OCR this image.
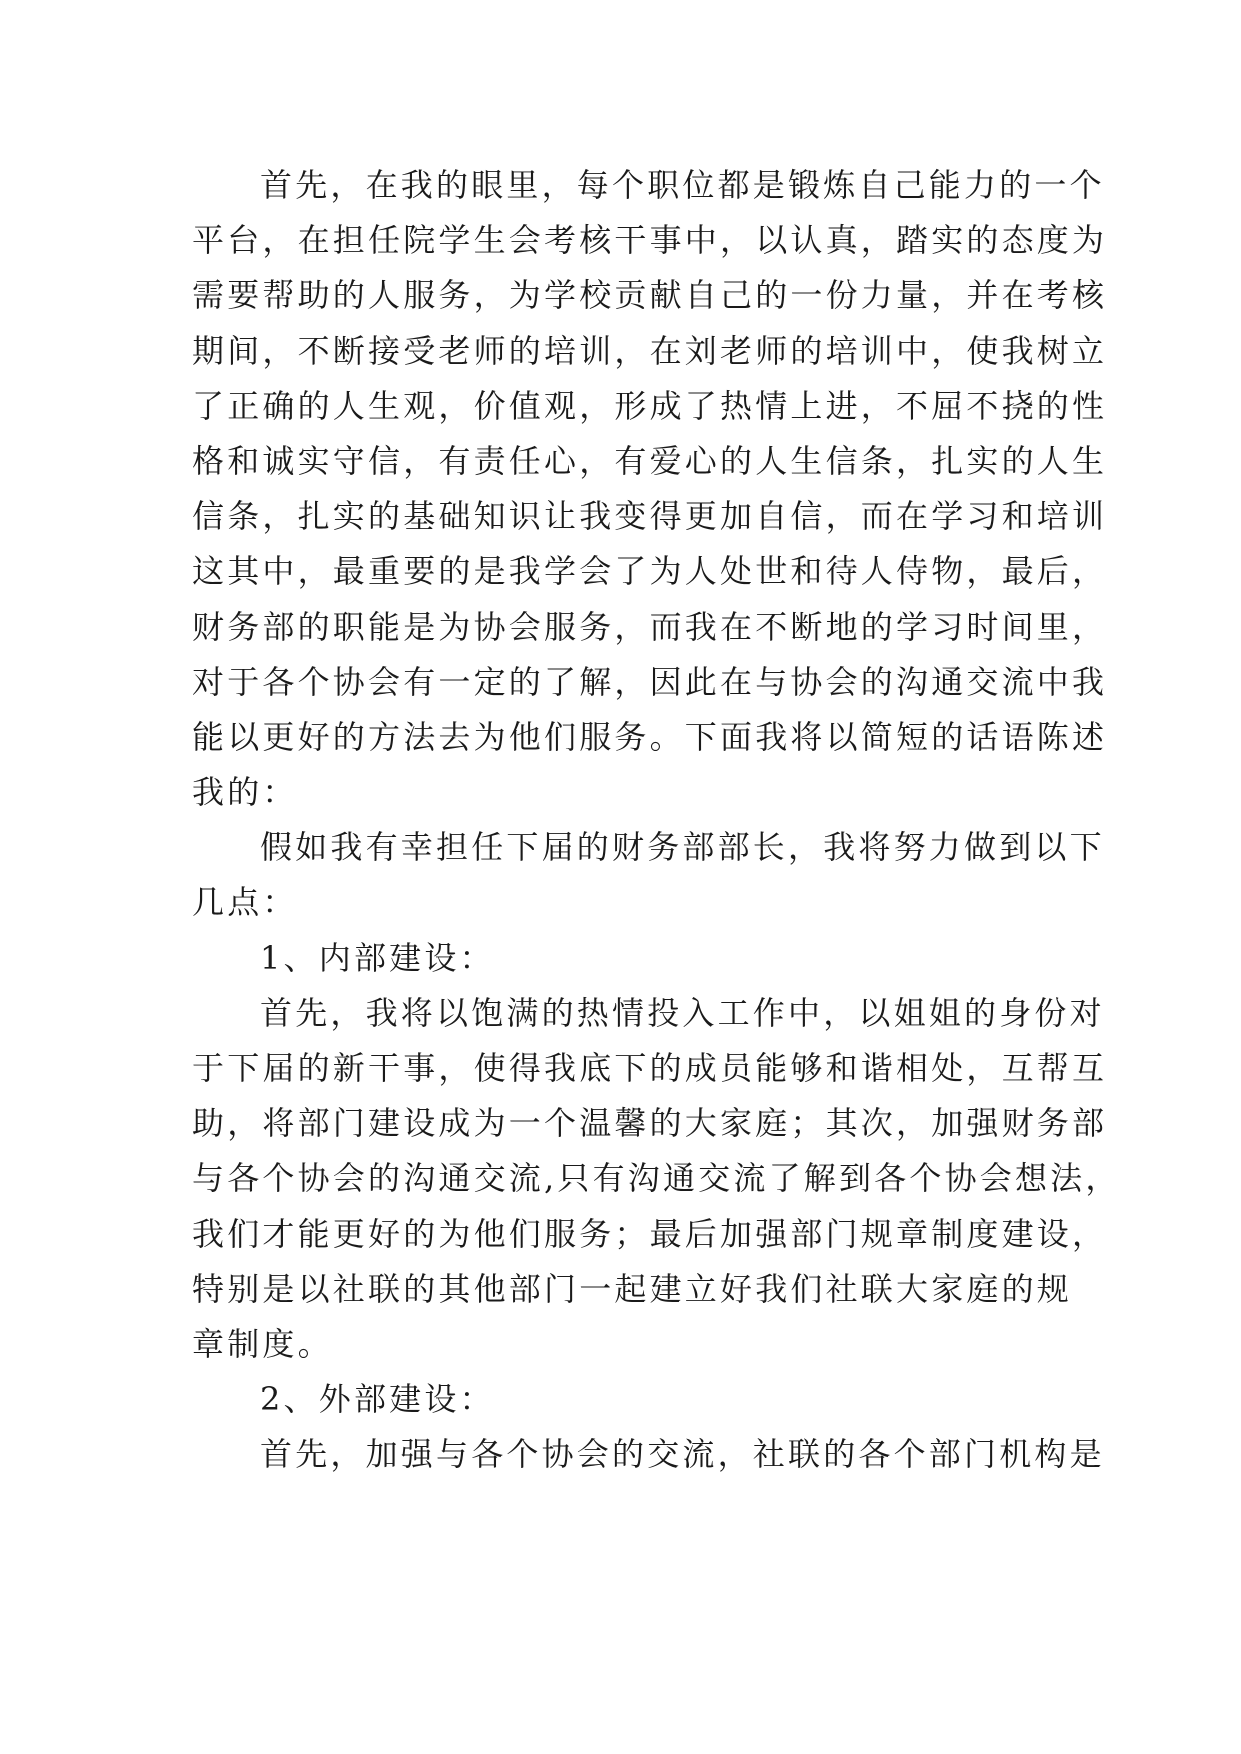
首先，在我的眼里，每个职位都是锻炼自己能力的一个
平台，在担任院学生会考核干事中，以认真，踏实的态度为
需要帮助的人服务，为学校贡献自己的一份力量，并在考核
期间，不断接受老师的培训，在刘老师的培训中，使我树立
了正确的人生观，价值观，形成了热情上进，不屈不挠的性
格和诚实守信，有责任心，有爱心的人生信条，扎实的人生
信条，扎实的基础知识让我变得更加自信，而在学习和培训
这其中，最重要的是我学会了为人处世和待人侍物，最后，
财务部的职能是为协会服务，而我在不断地的学习时间里，
对于各个协会有一定的了解，因此在与协会的沟通交流中我
能以更好的方法去为他们服务。下面我将以简短的话语陈述
我的：
假如我有幸担任下届的财务部部长，我将努力做到以下
几点：
1、内部建设：
首先，我将以饱满的热情投入工作中，以姐姐的身份对
于下届的新干事，使得我底下的成员能够和谐相处，互帮互
助，将部门建设成为一个温馨的大家庭；其次，加强财务部
与各个协会的沟通交流,只有沟通交流了解到各个协会想法，
我们才能更好的为他们服务；最后加强部门规章制度建设，
特别是以社联的其他部门一起建立好我们社联大家庭的规
章制度。
2、外部建设：
首先，加强与各个协会的交流，社联的各个部门机构是
